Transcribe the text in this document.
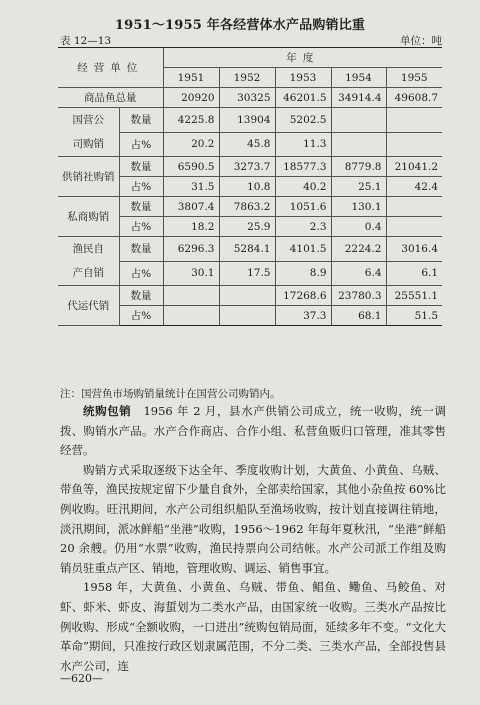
1951～1955 年各经营体水产品购销比重
表 12—13	单位：吨
经营单位		年度				
		1951	1952	1953	1954	1955
商品鱼总量		20920	30325	46201.5	34914.4	49608.7
国营公
司购销	数量	4225.8	13904	5202.5		
	占%	20.2	45.8	11.3		
供销社购销	数量	6590.5	3273.7	18577.3	8779.8	21041.2
	占%	31.5	10.8	40.2	25.1	42.4
私商购销	数量	3807.4	7863.2	1051.6	130.1	
	占%	18.2	25.9	2.3	0.4	
渔民自
产自销	数量	6296.3	5284.1	4101.5	2224.2	3016.4
	占%	30.1	17.5	8.9	6.4	6.1
代运代销	数量			17268.6	23780.3	25551.1
	占%			37.3	68.1	51.5
注：国营鱼市场购销量统计在国营公司购销内。

统购包销　 1956 年 2 月，县水产供销公司成立，统一收购，统一调拨、购销水产品。水产合作商店、合作小组、私营鱼贩归口管理，准其零售经营。

购销方式采取逐级下达全年、季度收购计划，大黄鱼、小黄鱼、乌贼、带鱼等，渔民按规定留下少量自食外，全部卖给国家，其他小杂鱼按 60%比例收购。旺汛期间，水产公司组织船队至渔场收购，按计划直接调往销地，淡汛期间，派冰鲜船“坐港”收购，1956～1962 年每年夏秋汛，“坐港”鲜船 20 余艘。仍用“水票”收购，渔民持票向公司结帐。水产公司派工作组及购销员驻重点产区、销地，管理收购、调运、销售事宜。

1958 年，大黄鱼、小黄鱼、乌贼、带鱼、鲳鱼、鳓鱼、马鲛鱼、对虾、虾米、虾皮、海蜇划为二类水产品，由国家统一收购。三类水产品按比例收购、形成“全额收购，一口进出”统购包销局面，延续多年不变。“文化大革命”期间，只准按行政区划隶属范围，不分二类、三类水产品，全部投售县水产公司，连

—620—
